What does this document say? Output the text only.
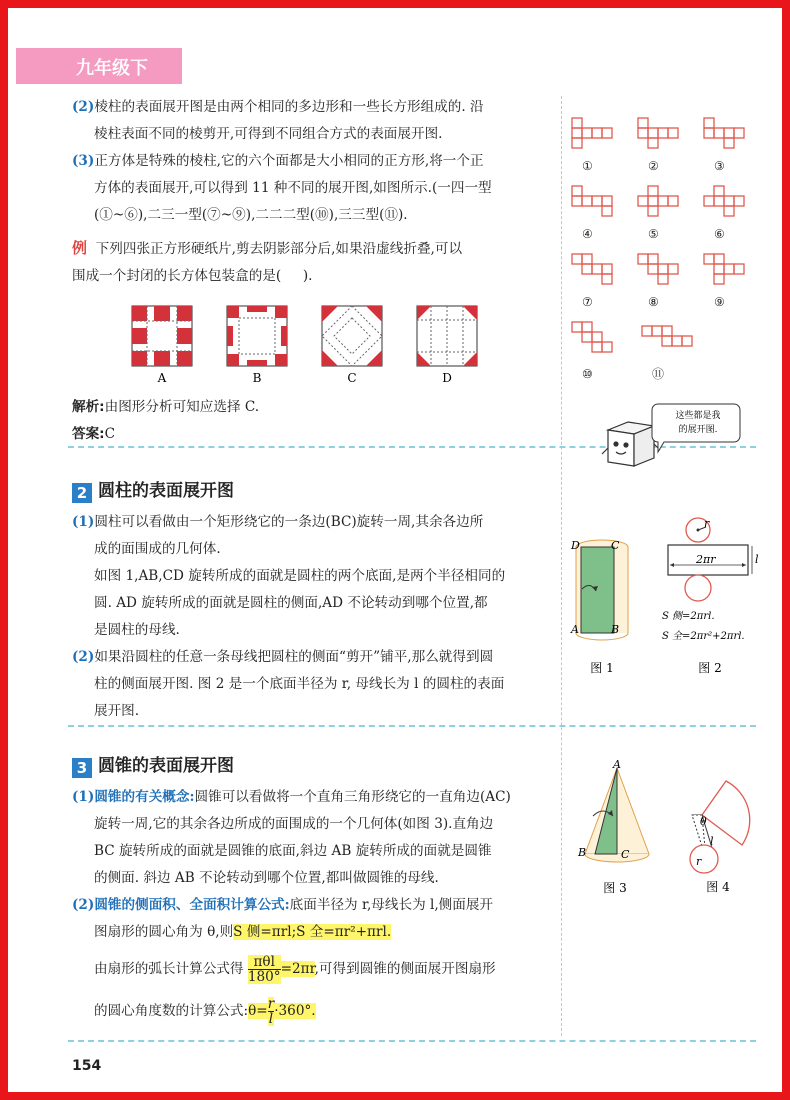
九年级下

(2)棱柱的表面展开图是由两个相同的多边形和一些长方形组成的. 沿

棱柱表面不同的棱剪开,可得到不同组合方式的表面展开图.

(3)正方体是特殊的棱柱,它的六个面都是大小相同的正方形,将一个正

方体的表面展开,可以得到 11 种不同的展开图,如图所示.(一四一型

(①~⑥),二三一型(⑦~⑨),二二二型(⑩),三三型(⑪).

例 下列四张正方形硬纸片,剪去阴影部分后,如果沿虚线折叠,可以

围成一个封闭的长方体包装盒的是( ).

A	B	C	D

解析:由图形分析可知应选择 C.

答案:C

2 圆柱的表面展开图

(1)圆柱可以看做由一个矩形绕它的一条边(BC)旋转一周,其余各边所

成的面围成的几何体.

如图 1,AB,CD 旋转所成的面就是圆柱的两个底面,是两个半径相同的

圆. AD 旋转所成的面就是圆柱的侧面,AD 不论转动到哪个位置,都

是圆柱的母线.

(2)如果沿圆柱的任意一条母线把圆柱的侧面“剪开”铺平,那么就得到圆

柱的侧面展开图. 图 2 是一个底面半径为 r, 母线长为 l 的圆柱的表面

展开图.

3 圆锥的表面展开图

(1)圆锥的有关概念:圆锥可以看做将一个直角三角形绕它的一直角边(AC)

旋转一周,它的其余各边所成的面围成的一个几何体(如图 3).直角边

BC 旋转所成的面就是圆锥的底面,斜边 AB 旋转所成的面就是圆锥

的侧面. 斜边 AB 不论转动到哪个位置,都叫做圆锥的母线.

(2)圆锥的侧面积、全面积计算公式:底面半径为 r,母线长为 l,侧面展开

图扇形的圆心角为 θ,则S 侧=πrl;S 全=πr²+πrl.

由扇形的弧长计算公式得 πθl
180° =2πr,可得到圆锥的侧面展开图扇形

的圆心角度数的计算公式:θ= $\frac{r}{l} \cdot 360^\circ$.

①	②	③
④	⑤	⑥
⑦	⑧	⑨
⑩	⑪
这些都是我
的展开图.
D	C
A	B
图 1
r
2πr	l
S 侧=2πrl.
S 全=2πr²+2πrl.
图 2
A
B	C
图 3
θ
l
r
图 4
154
